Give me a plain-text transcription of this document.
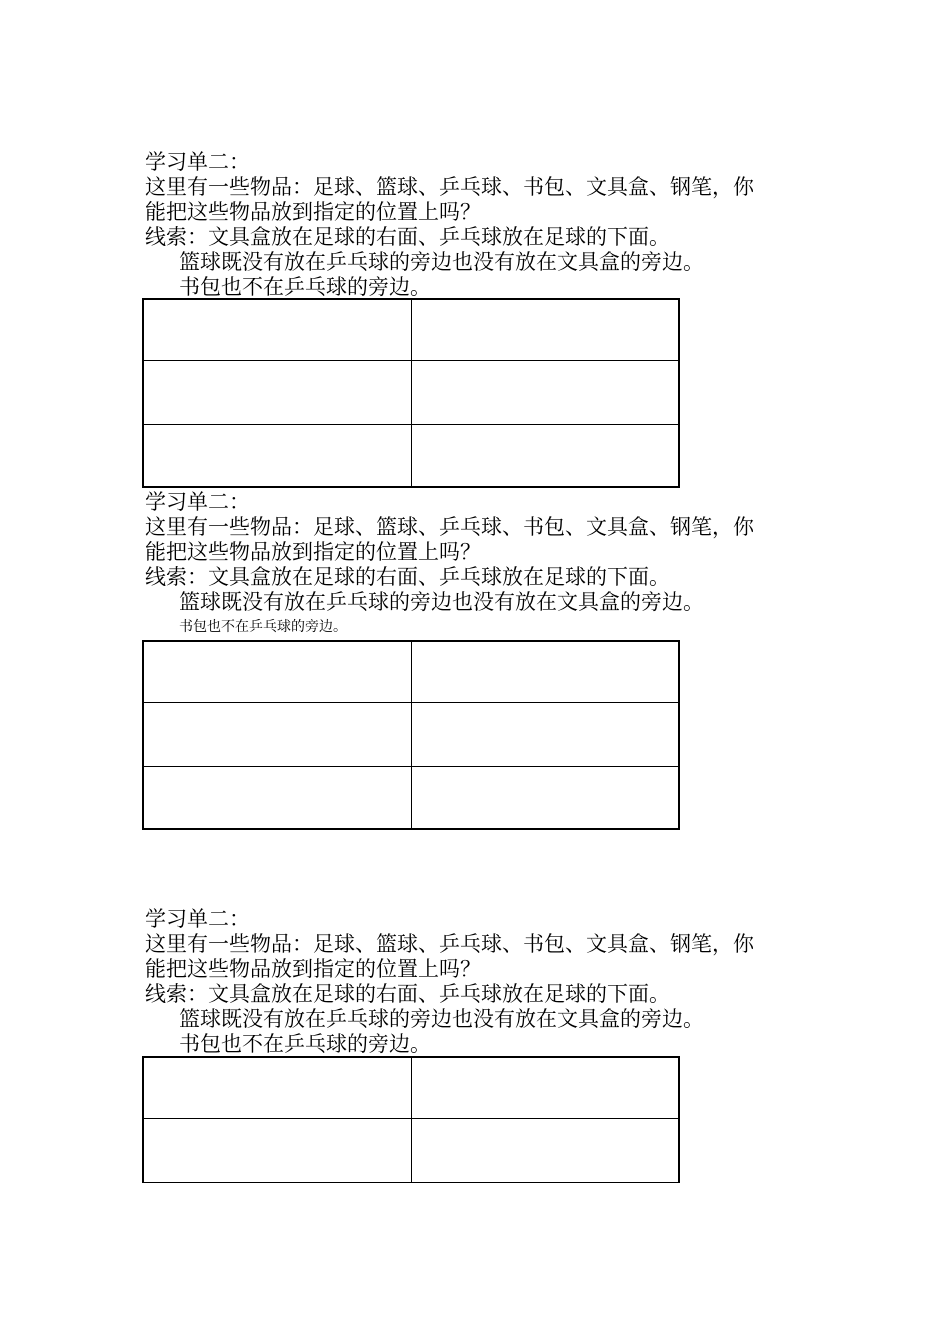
学习单二：
这里有一些物品：足球、篮球、乒乓球、书包、文具盒、钢笔，你
能把这些物品放到指定的位置上吗？
线索：文具盒放在足球的右面、乒乓球放在足球的下面。
篮球既没有放在乒乓球的旁边也没有放在文具盒的旁边。
书包也不在乒乓球的旁边。

学习单二：
这里有一些物品：足球、篮球、乒乓球、书包、文具盒、钢笔，你
能把这些物品放到指定的位置上吗？
线索：文具盒放在足球的右面、乒乓球放在足球的下面。
篮球既没有放在乒乓球的旁边也没有放在文具盒的旁边。
书包也不在乒乓球的旁边。

学习单二：
这里有一些物品：足球、篮球、乒乓球、书包、文具盒、钢笔，你
能把这些物品放到指定的位置上吗？
线索：文具盒放在足球的右面、乒乓球放在足球的下面。
篮球既没有放在乒乓球的旁边也没有放在文具盒的旁边。
书包也不在乒乓球的旁边。
